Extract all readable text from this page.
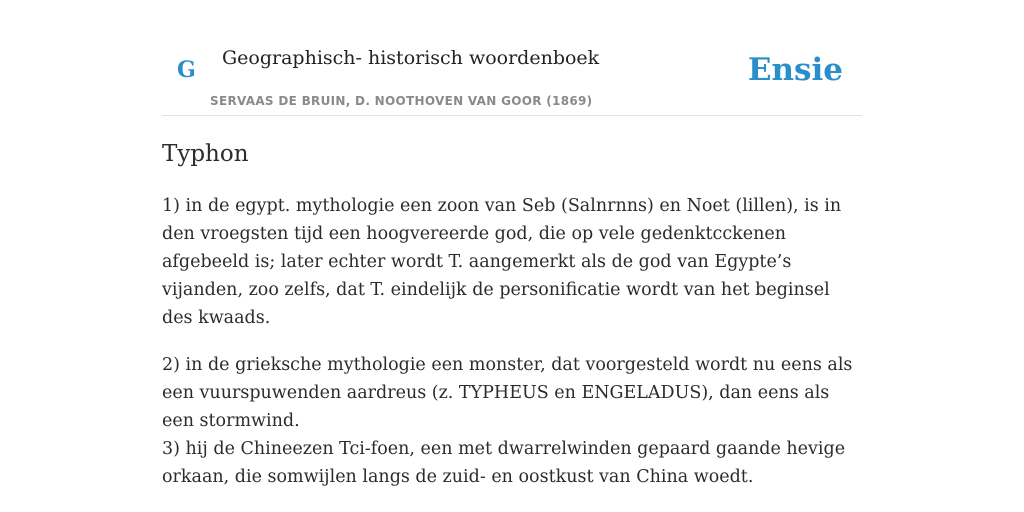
G Geographisch- historisch woordenboek
SERVAAS DE BRUIN, D. NOOTHOVEN VAN GOOR (1869)
Ensie
Typhon

1) in de egypt. mythologie een zoon van Seb (Salnrnns) en Noet (lillen), is in den vroegsten tijd een hoogvereerde god, die op vele gedenktcckenen afgebeeld is; later echter wordt T. aangemerkt als de god van Egypte’s vijanden, zoo zelfs, dat T. eindelijk de personificatie wordt van het beginsel des kwaads.

2) in de grieksche mythologie een monster, dat voorgesteld wordt nu eens als een vuurspuwenden aardreus (z. TYPHEUS en ENGELADUS), dan eens als een stormwind.

3) hij de Chineezen Tci-foen, een met dwarrelwinden gepaard gaande hevige orkaan, die somwijlen langs de zuid- en oostkust van China woedt.
